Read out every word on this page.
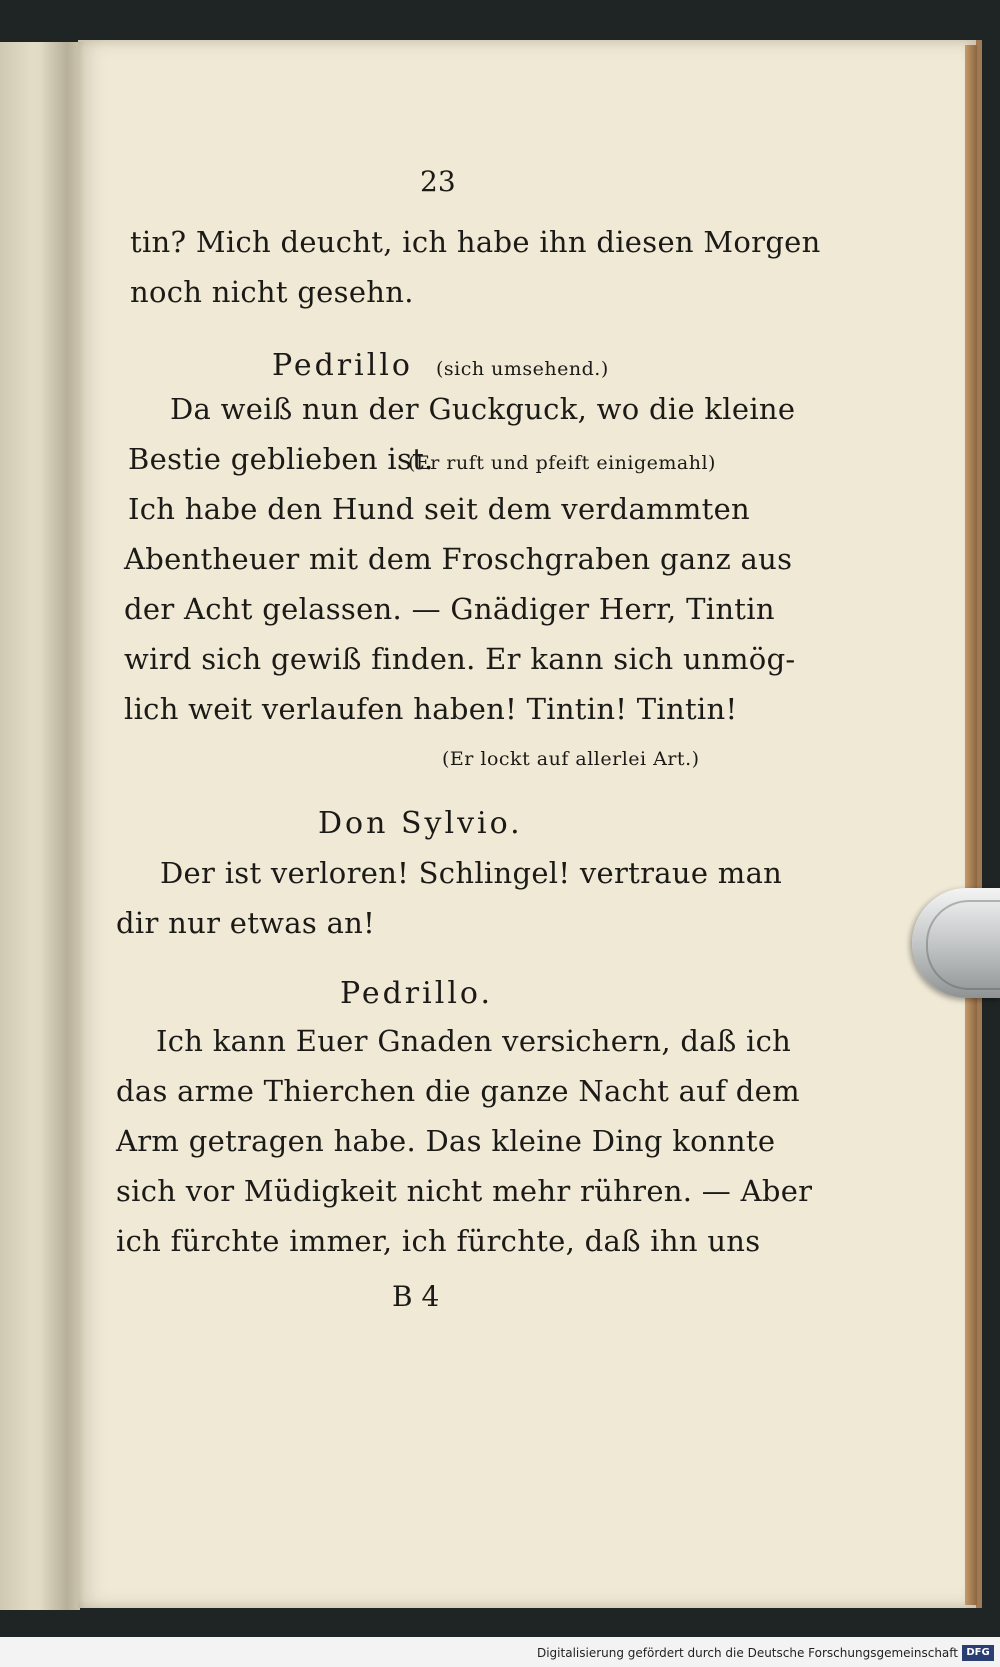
23
tin? Mich deucht, ich habe ihn diesen Morgen
noch nicht gesehn.
Pedrillo (sich umsehend.)
Da weiß nun der Guckguck, wo die kleine
Bestie geblieben ist.
(Er ruft und pfeift einigemahl)
Ich habe den Hund seit dem verdammten
Abentheuer mit dem Froschgraben ganz aus
der Acht gelassen. — Gnädiger Herr, Tintin
wird sich gewiß finden. Er kann sich unmög-
lich weit verlaufen haben! Tintin! Tintin!
(Er lockt auf allerlei Art.)
Don Sylvio.
Der ist verloren! Schlingel! vertraue man
dir nur etwas an!
Pedrillo.
Ich kann Euer Gnaden versichern, daß ich
das arme Thierchen die ganze Nacht auf dem
Arm getragen habe. Das kleine Ding konnte
sich vor Müdigkeit nicht mehr rühren. — Aber
ich fürchte immer, ich fürchte, daß ihn uns
B 4
Digitalisierung gefördert durch die Deutsche Forschungsgemeinschaft DFG
